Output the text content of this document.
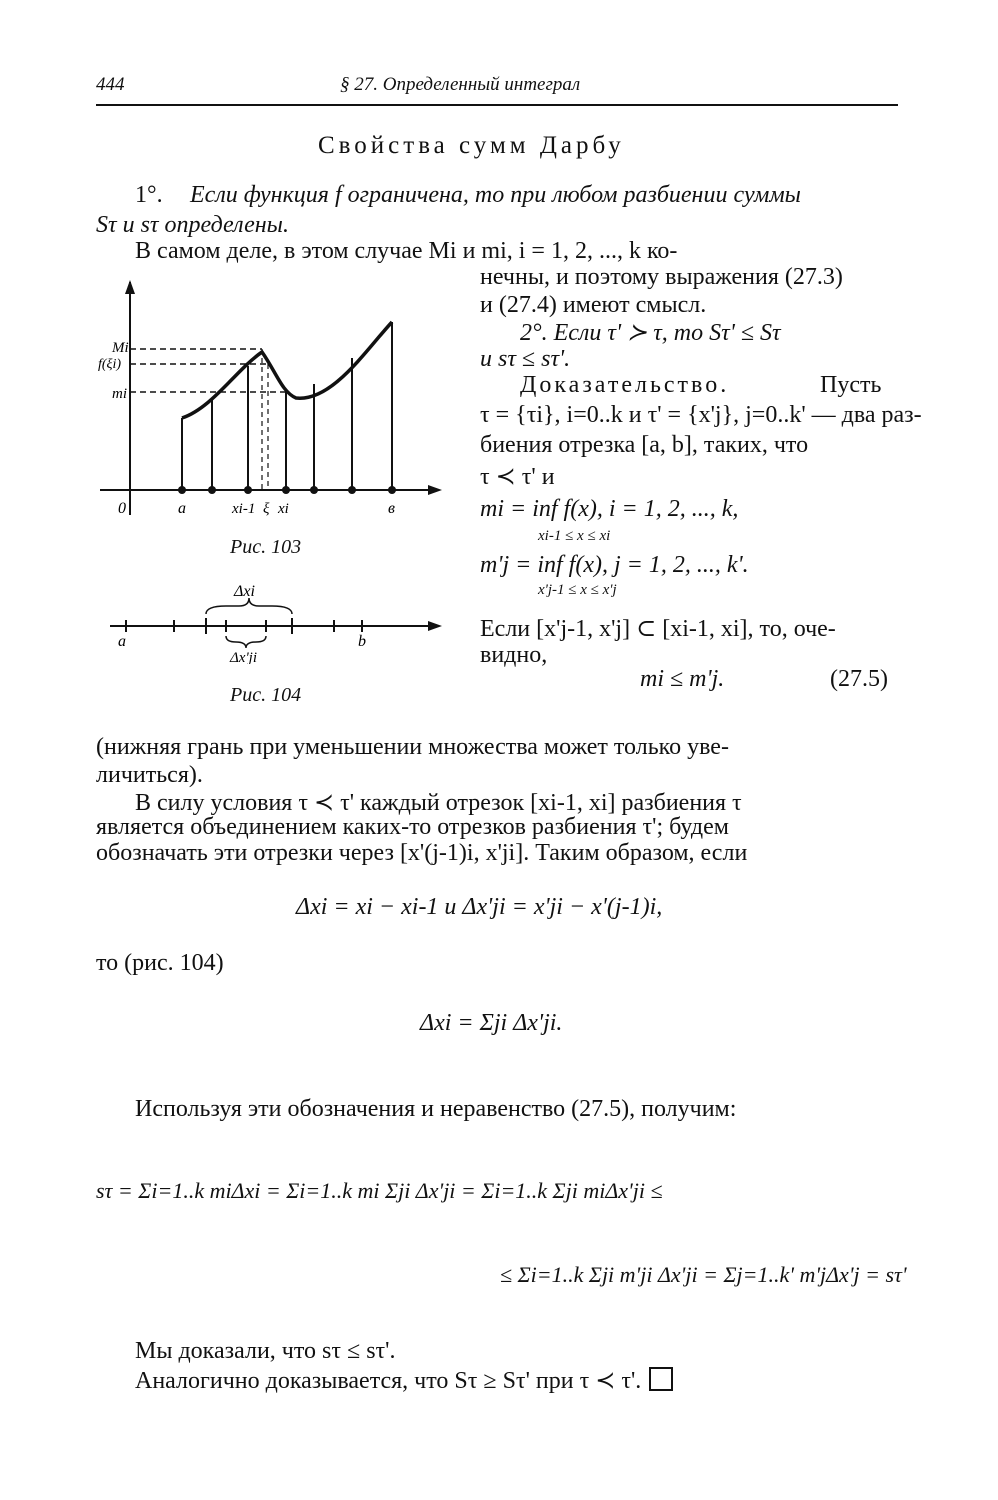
444	§ 27. Определенный интеграл
Свойства сумм Дарбу
1°. Если функция f ограничена, то при любом разбиении суммы
Sτ и sτ определены.
В самом деле, в этом случае Mi и mi, i = 1, 2, ..., k ко-
нечны, и поэтому выражения (27.3)
и (27.4) имеют смысл.
2°. Если τ' ≻ τ, то Sτ' ≤ Sτ
и sτ ≤ sτ'.
Доказательство.	Пусть
τ = {τi}, i=0..k и τ' = {x'j}, j=0..k' — два раз-
биения отрезка [a, b], таких, что
τ ≺ τ' и
mi = inf f(x), i = 1, 2, ..., k,
xi-1 ≤ x ≤ xi
m'j = inf f(x), j = 1, 2, ..., k'.
x'j-1 ≤ x ≤ x'j
Если [x'j-1, x'j] ⊂ [xi-1, xi], то, оче-
видно,
mi ≤ m'j.	(27.5)
Mi
f(ξi)
mi
0	a	xi-1 ξ xi	в
Рис. 103
Δxi
Δx'ji
a	b
Рис. 104
(нижняя грань при уменьшении множества может только уве-
личиться).
В силу условия τ ≺ τ' каждый отрезок [xi-1, xi] разбиения τ
является объединением каких-то отрезков разбиения τ'; будем
обозначать эти отрезки через [x'(j-1)i, x'ji]. Таким образом, если
Δxi = xi − xi-1 и Δx'ji = x'ji − x'(j-1)i,
то (рис. 104)
Δxi = Σji Δx'ji.
Используя эти обозначения и неравенство (27.5), получим:
sτ = Σi=1..k miΔxi = Σi=1..k mi Σji Δx'ji = Σi=1..k Σji miΔx'ji ≤
≤ Σi=1..k Σji m'ji Δx'ji = Σj=1..k' m'jΔx'j = sτ'
Мы доказали, что sτ ≤ sτ'.
Аналогично доказывается, что Sτ ≥ Sτ' при τ ≺ τ'.
